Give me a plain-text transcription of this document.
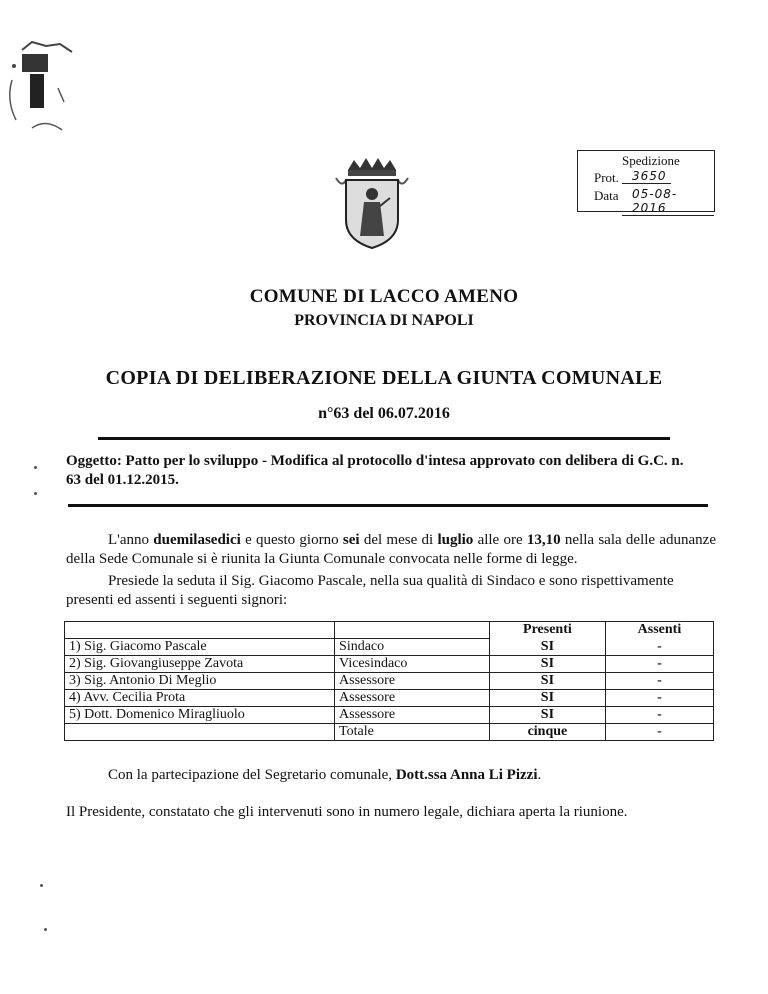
Spedizione
Prot.	3650
Data	05-08-2016
COMUNE DI LACCO AMENO
PROVINCIA DI NAPOLI
COPIA DI DELIBERAZIONE DELLA GIUNTA COMUNALE
n°63 del 06.07.2016
Oggetto: Patto per lo sviluppo - Modifica al protocollo d'intesa approvato con delibera di G.C. n.
63 del 01.12.2015.
L'anno duemilasedici e questo giorno sei del mese di luglio alle ore 13,10 nella sala delle adunanze della Sede Comunale si è riunita la Giunta Comunale convocata nelle forme di legge.
Presiede la seduta il Sig. Giacomo Pascale, nella sua qualità di Sindaco e sono rispettivamente presenti ed assenti i seguenti signori:
		Presenti	Assenti
1) Sig. Giacomo Pascale	Sindaco	SI	-
2) Sig. Giovangiuseppe Zavota	Vicesindaco	SI	-
3) Sig. Antonio Di Meglio	Assessore	SI	-
4) Avv. Cecilia Prota	Assessore	SI	-
5) Dott. Domenico Miragliuolo	Assessore	SI	-
	Totale	cinque	-
Con la partecipazione del Segretario comunale, Dott.ssa Anna Li Pizzi.
Il Presidente, constatato che gli intervenuti sono in numero legale, dichiara aperta la riunione.
